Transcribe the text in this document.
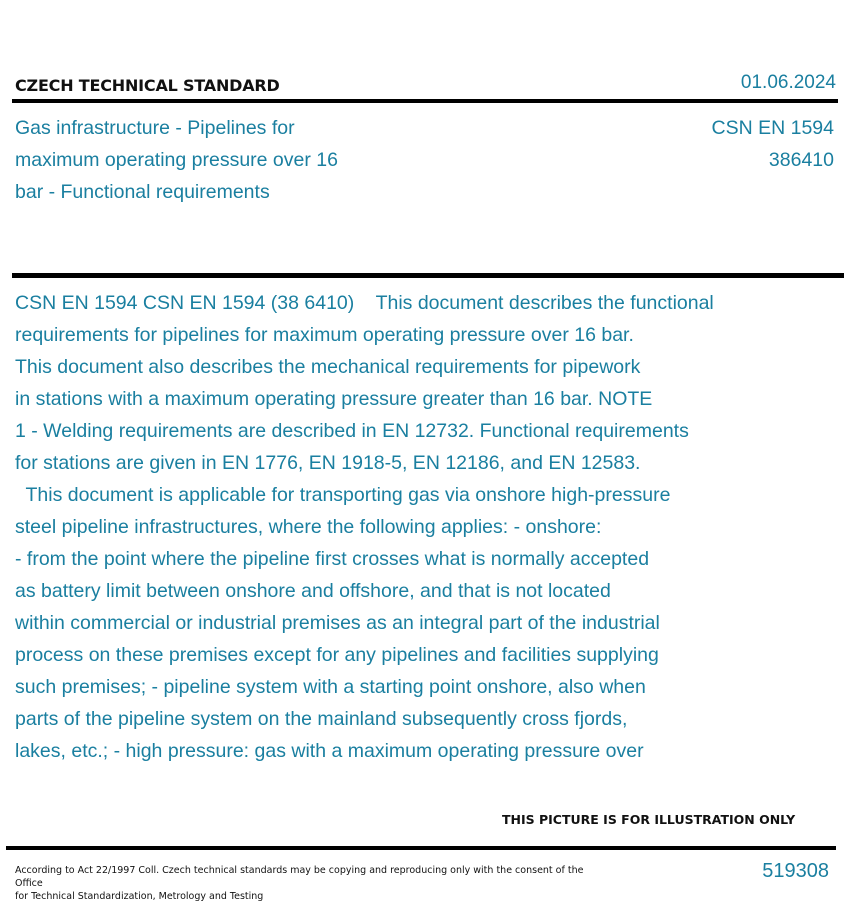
CZECH TECHNICAL STANDARD	01.06.2024
Gas infrastructure - Pipelines for
maximum operating pressure over 16
bar - Functional requirements
CSN EN 1594
386410
CSN EN 1594 CSN EN 1594 (38 6410)    This document describes the functional
requirements for pipelines for maximum operating pressure over 16 bar.
This document also describes the mechanical requirements for pipework
in stations with a maximum operating pressure greater than 16 bar. NOTE
1 - Welding requirements are described in EN 12732. Functional requirements
for stations are given in EN 1776, EN 1918-5, EN 12186, and EN 12583.
This document is applicable for transporting gas via onshore high-pressure
steel pipeline infrastructures, where the following applies: - onshore:
- from the point where the pipeline first crosses what is normally accepted
as battery limit between onshore and offshore, and that is not located
within commercial or industrial premises as an integral part of the industrial
process on these premises except for any pipelines and facilities supplying
such premises; - pipeline system with a starting point onshore, also when
parts of the pipeline system on the mainland subsequently cross fjords,
lakes, etc.; - high pressure: gas with a maximum operating pressure over
THIS PICTURE IS FOR ILLUSTRATION ONLY
According to Act 22/1997 Coll. Czech technical standards may be copying and reproducing only with the consent of the Office
for Technical Standardization, Metrology and Testing
519308
